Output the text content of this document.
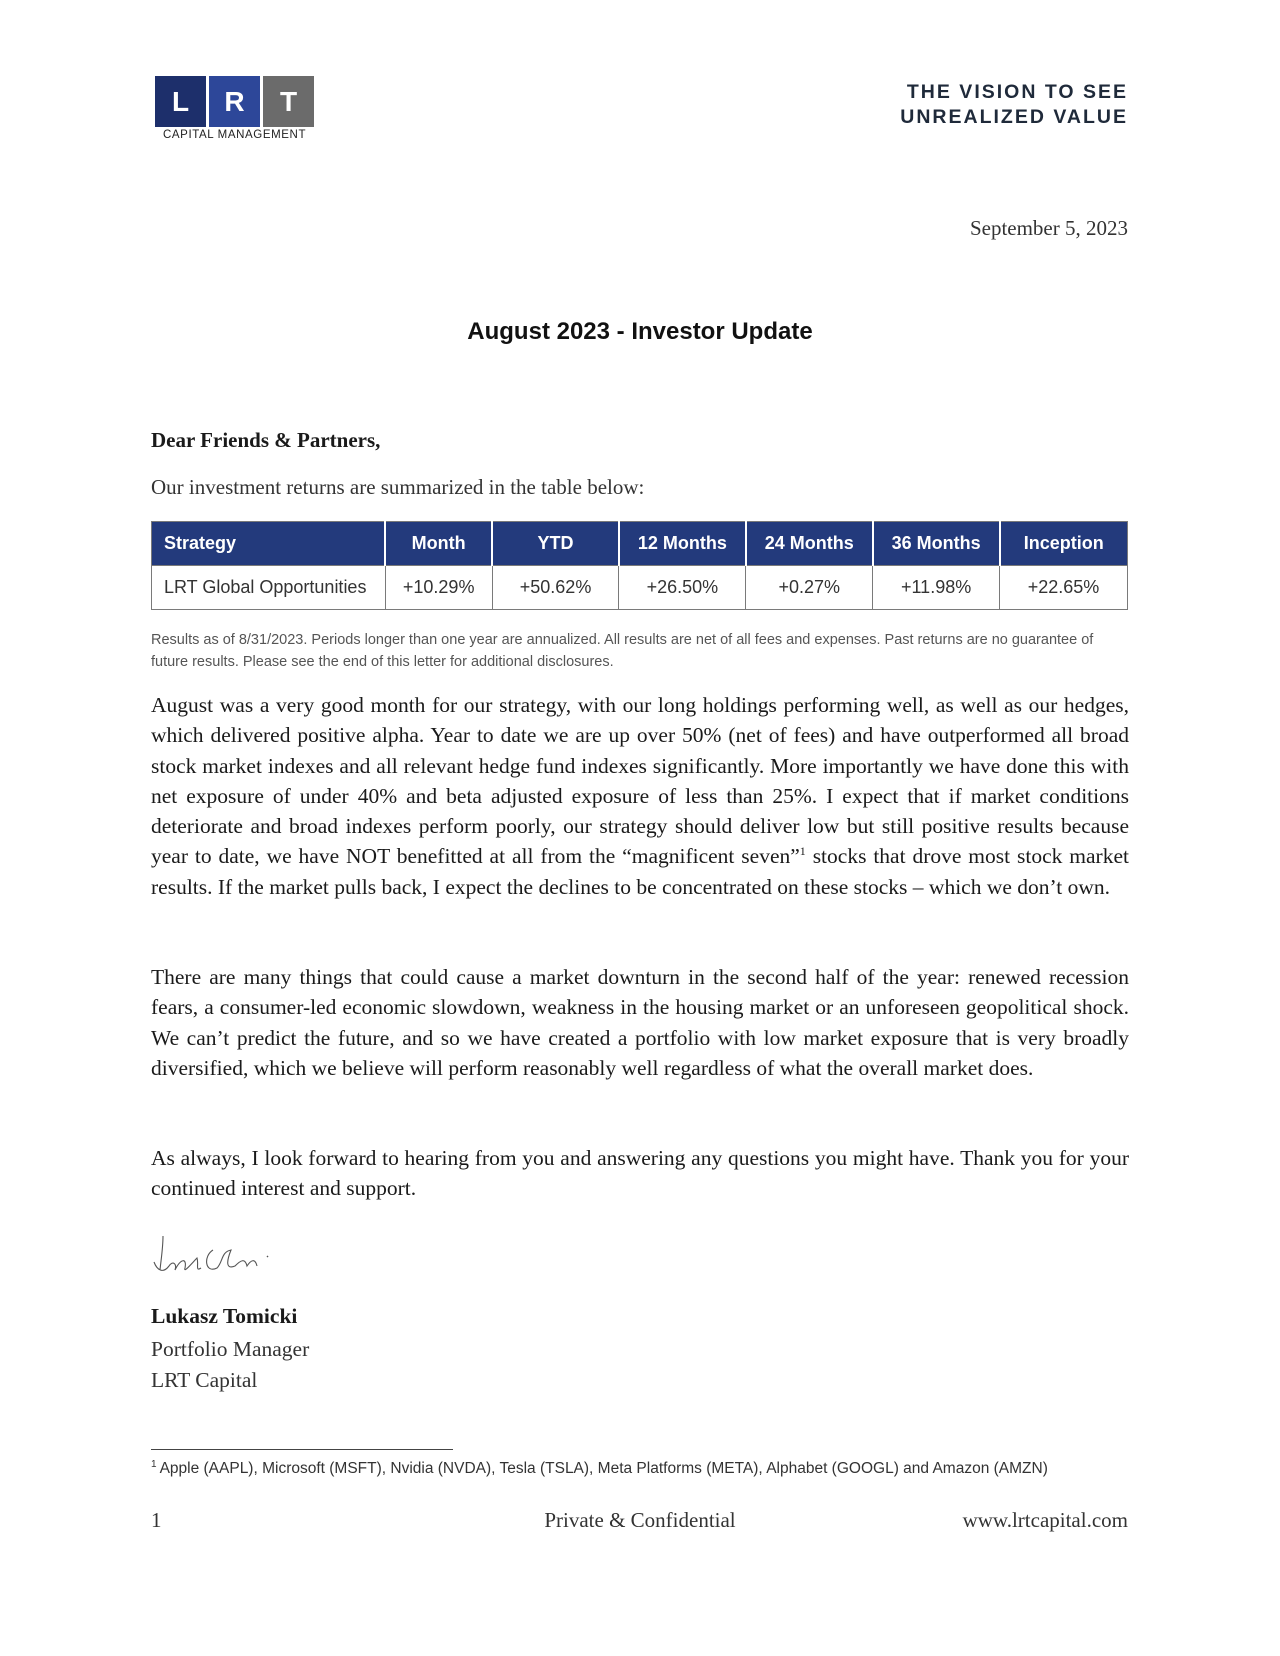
L	R	T
CAPITAL MANAGEMENT
THE VISION TO SEE
UNREALIZED VALUE
September 5, 2023
August 2023 - Investor Update
Dear Friends & Partners,
Our investment returns are summarized in the table below:
Strategy	Month	YTD	12 Months	24 Months	36 Months	Inception
LRT Global Opportunities	+10.29%	+50.62%	+26.50%	+0.27%	+11.98%	+22.65%
Results as of 8/31/2023. Periods longer than one year are annualized. All results are net of all fees and expenses. Past returns are no guarantee of future results. Please see the end of this letter for additional disclosures.
August was a very good month for our strategy, with our long holdings performing well, as well as our hedges, which delivered positive alpha. Year to date we are up over 50% (net of fees) and have outperformed all broad stock market indexes and all relevant hedge fund indexes significantly. More importantly we have done this with net exposure of under 40% and beta adjusted exposure of less than 25%. I expect that if market conditions deteriorate and broad indexes perform poorly, our strategy should deliver low but still positive results because year to date, we have NOT benefitted at all from the “magnificent seven”$^1$ stocks that drove most stock market results. If the market pulls back, I expect the declines to be concentrated on these stocks – which we don’t own.
There are many things that could cause a market downturn in the second half of the year: renewed recession fears, a consumer-led economic slowdown, weakness in the housing market or an unforeseen geopolitical shock. We can’t predict the future, and so we have created a portfolio with low market exposure that is very broadly diversified, which we believe will perform reasonably well regardless of what the overall market does.
As always, I look forward to hearing from you and answering any questions you might have. Thank you for your continued interest and support.
Lukasz Tomicki
Portfolio Manager
LRT Capital
$^1$ Apple (AAPL), Microsoft (MSFT), Nvidia (NVDA), Tesla (TSLA), Meta Platforms (META), Alphabet (GOOGL) and Amazon (AMZN)
1	Private & Confidential	www.lrtcapital.com
